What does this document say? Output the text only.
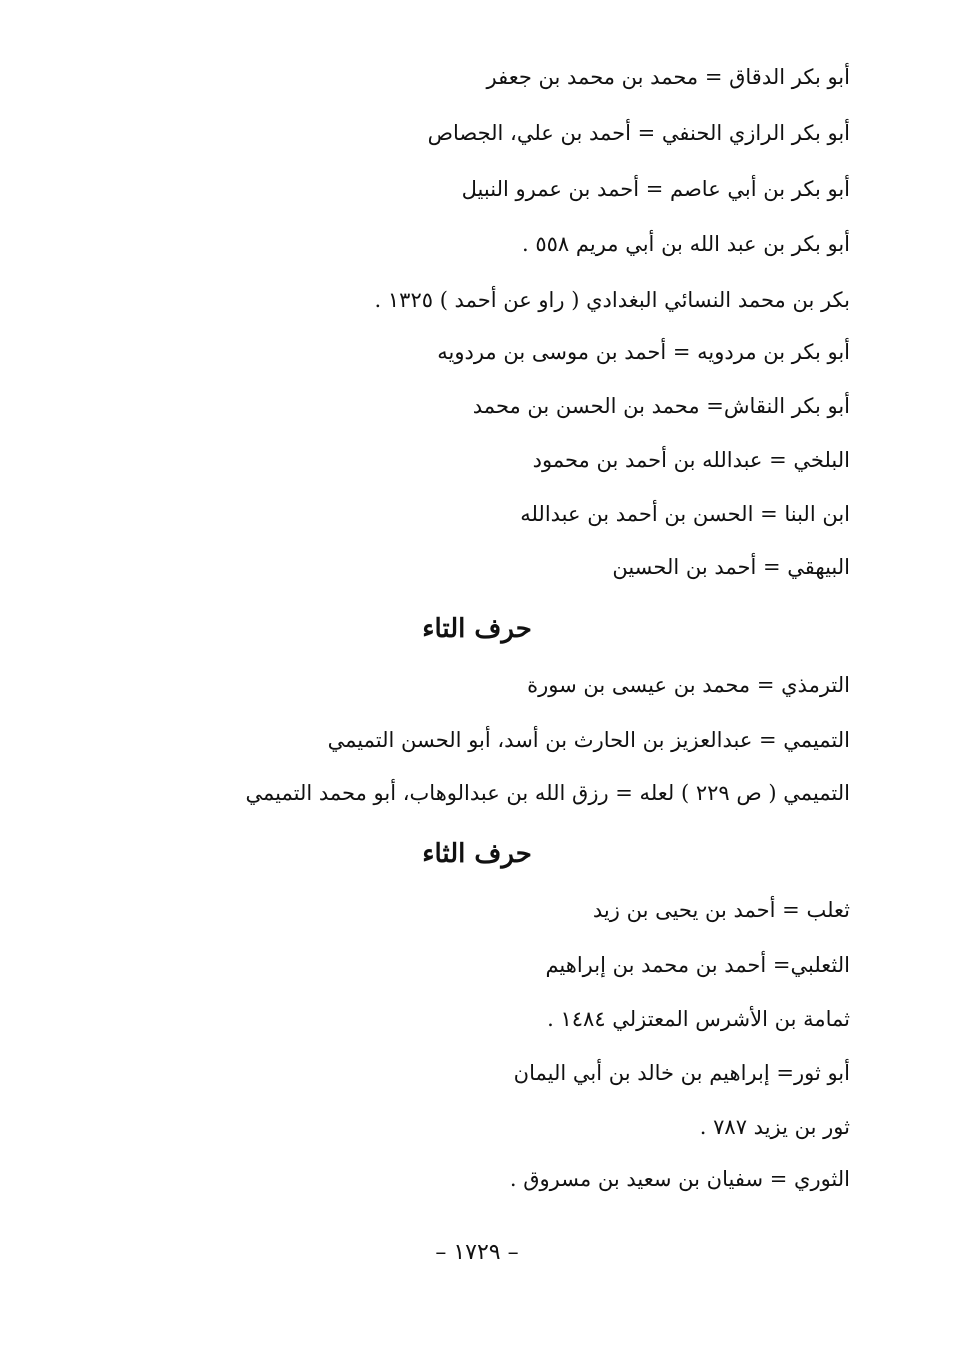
أبو بكر الدقاق = محمد بن محمد بن جعفر
أبو بكر الرازي الحنفي = أحمد بن علي، الجصاص
أبو بكر بن أبي عاصم = أحمد بن عمرو النبيل
أبو بكر بن عبد الله بن أبي مريم ٥٥٨ .
بكر بن محمد النسائي البغدادي ( راو عن أحمد ) ١٣٢٥ .
أبو بكر بن مردويه = أحمد بن موسى بن مردويه
أبو بكر النقاش= محمد بن الحسن بن محمد
البلخي = عبدالله بن أحمد بن محمود
ابن البنا = الحسن بن أحمد بن عبدالله
البيهقي = أحمد بن الحسين
حرف التاء
الترمذي = محمد بن عيسى بن سورة
التميمي = عبدالعزيز بن الحارث بن أسد، أبو الحسن التميمي
التميمي ( ص ٢٢٩ ) لعله = رزق الله بن عبدالوهاب، أبو محمد التميمي
حرف الثاء
ثعلب = أحمد بن يحيى بن زيد
الثعلبي= أحمد بن محمد بن إبراهيم
ثمامة بن الأشرس المعتزلي ١٤٨٤ .
أبو ثور= إبراهيم بن خالد بن أبي اليمان
ثور بن يزيد ٧٨٧ .
الثوري = سفيان بن سعيد بن مسروق .
– ١٧٢٩ –
